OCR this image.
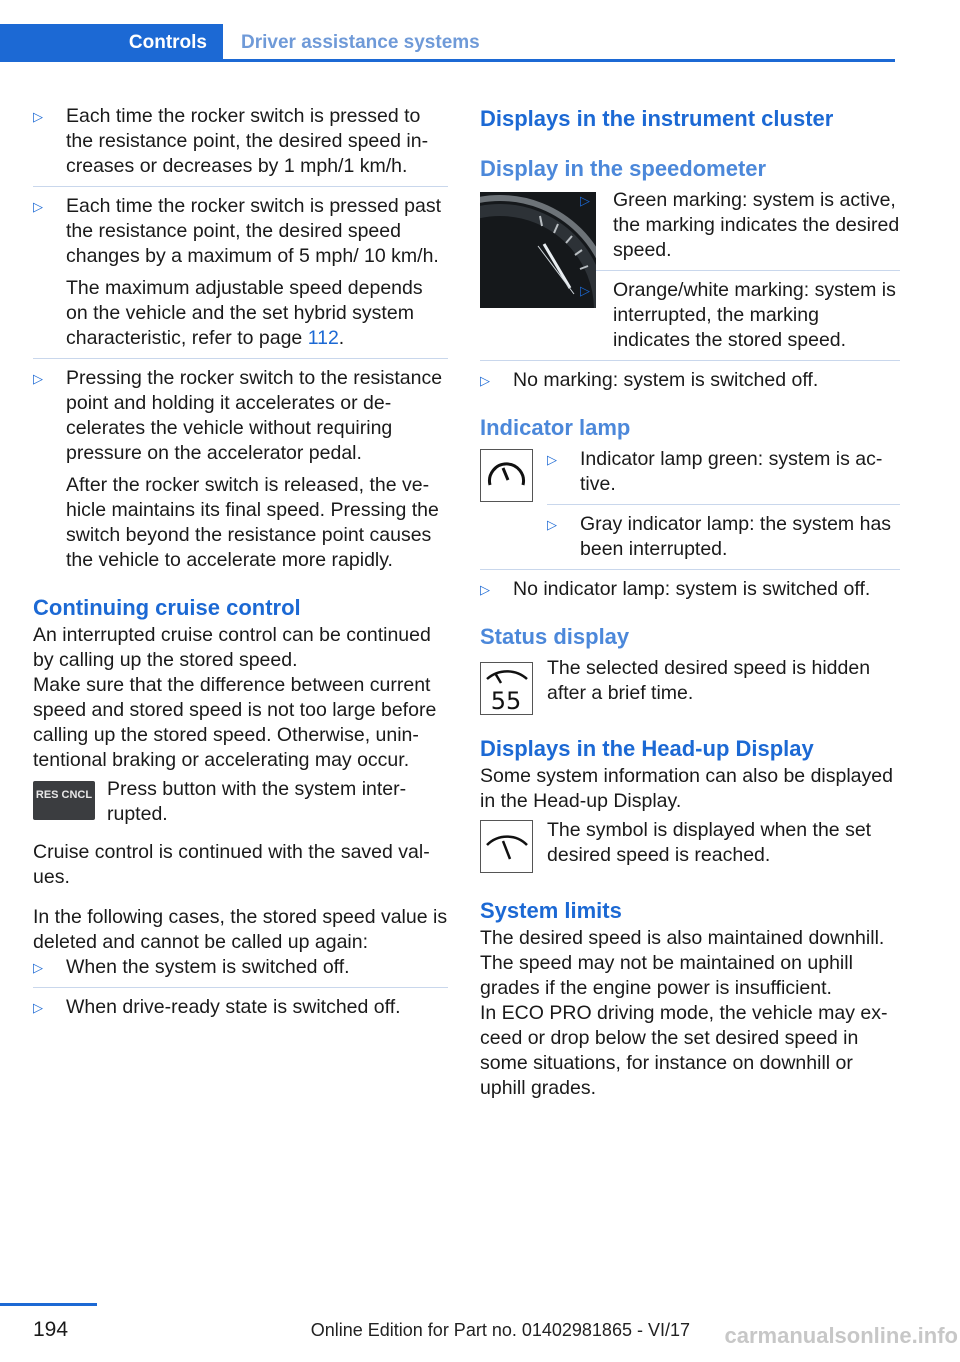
Controls	Driver assistance systems
▷ Each time the rocker switch is pressed to the resistance point, the desired speed increases or decreases by 1 mph/1 km/h.

▷ Each time the rocker switch is pressed past the resistance point, the desired speed changes by a maximum of 5 mph/ 10 km/h.

The maximum adjustable speed depends on the vehicle and the set hybrid system characteristic, refer to page 112.

▷ Pressing the rocker switch to the resistance point and holding it accelerates or decelerates the vehicle without requiring pressure on the accelerator pedal.

After the rocker switch is released, the vehicle maintains its final speed. Pressing the switch beyond the resistance point causes the vehicle to accelerate more rapidly.

Continuing cruise control

An interrupted cruise control can be continued by calling up the stored speed.

Make sure that the difference between current speed and stored speed is not too large before calling up the stored speed. Otherwise, unintentional braking or accelerating may occur.

RES CNCL Press button with the system interrupted.

Cruise control is continued with the saved values.

In the following cases, the stored speed value is deleted and cannot be called up again:

▷ When the system is switched off.

▷ When drive-ready state is switched off.

Displays in the instrument cluster
Display in the speedometer
▷ Green marking: system is active, the marking indicates the desired speed.

▷ Orange/white marking: system is interrupted, the marking indicates the stored speed.

▷ No marking: system is switched off.

Indicator lamp
▷ Indicator lamp green: system is active.

▷ Gray indicator lamp: the system has been interrupted.

▷ No indicator lamp: system is switched off.

Status display
55

The selected desired speed is hidden after a brief time.

Displays in the Head-up Display

Some system information can also be displayed in the Head-up Display.

The symbol is displayed when the set desired speed is reached.

System limits

The desired speed is also maintained downhill. The speed may not be maintained on uphill grades if the engine power is insufficient.

In ECO PRO driving mode, the vehicle may exceed or drop below the set desired speed in some situations, for instance on downhill or uphill grades.

194	Online Edition for Part no. 01402981865 - VI/17 carmanualsonline.info
